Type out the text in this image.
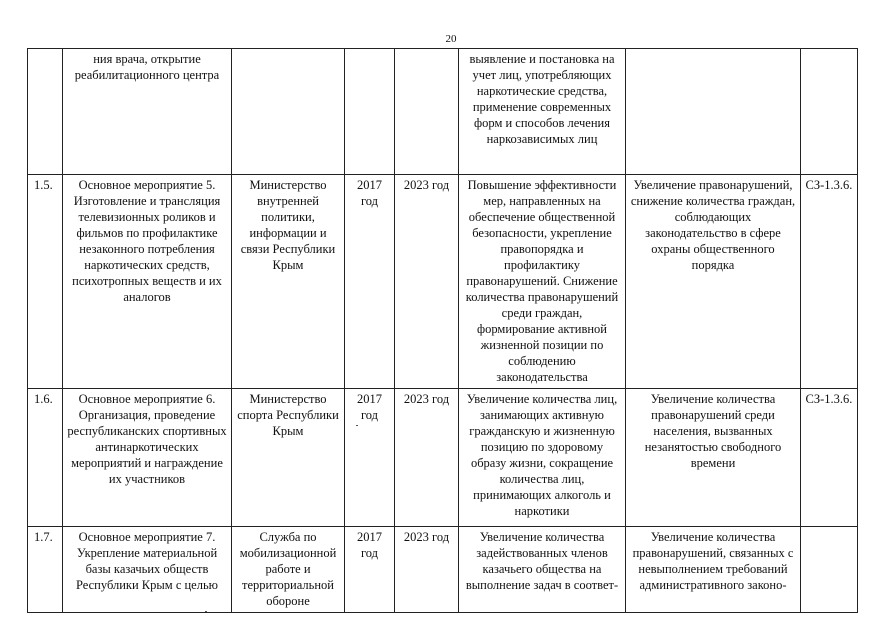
20
	ния врача, открытие реабилитационного центра				выявление и постановка на учет лиц, употребляющих наркотические средства, применение современных форм и способов лечения наркозависимых лиц		
1.5.	Основное мероприятие 5. Изготовление и трансляция телевизионных роликов и фильмов по профилактике незаконного потребления наркотических средств, психотропных веществ и их аналогов	Министерство внутренней политики, информации и связи Республики Крым	2017 год	2023 год	Повышение эффективности мер, направленных на обеспечение общественной безопасности, укрепление правопорядка и профилактику правонарушений. Снижение количества правонарушений среди граждан, формирование активной жизненной позиции по соблюдению законодательства	Увеличение правонарушений, снижение количества граждан, соблюдающих законодательство в сфере охраны общественного порядка	СЗ-1.3.6.
1.6.	Основное мероприятие 6. Организация, проведение республиканских спортивных антинаркотических мероприятий и награждение их участников	Министерство спорта Республики Крым	2017 год	2023 год	Увеличение количества лиц, занимающих активную гражданскую и жизненную позицию по здоровому образу жизни, сокращение количества лиц, принимающих алкоголь и наркотики	Увеличение количества правонарушений среди населения, вызванных незанятостью свободного времени	СЗ-1.3.6.
1.7.	Основное мероприятие 7. Укрепление материальной базы казачьих обществ Республики Крым с целью	Служба по мобилизационной работе и территориальной обороне	2017 год	2023 год	Увеличение количества задействованных членов казачьего общества на выполнение задач в соответ-	Увеличение количества правонарушений, связанных с невыполнением требований административного законо-	
